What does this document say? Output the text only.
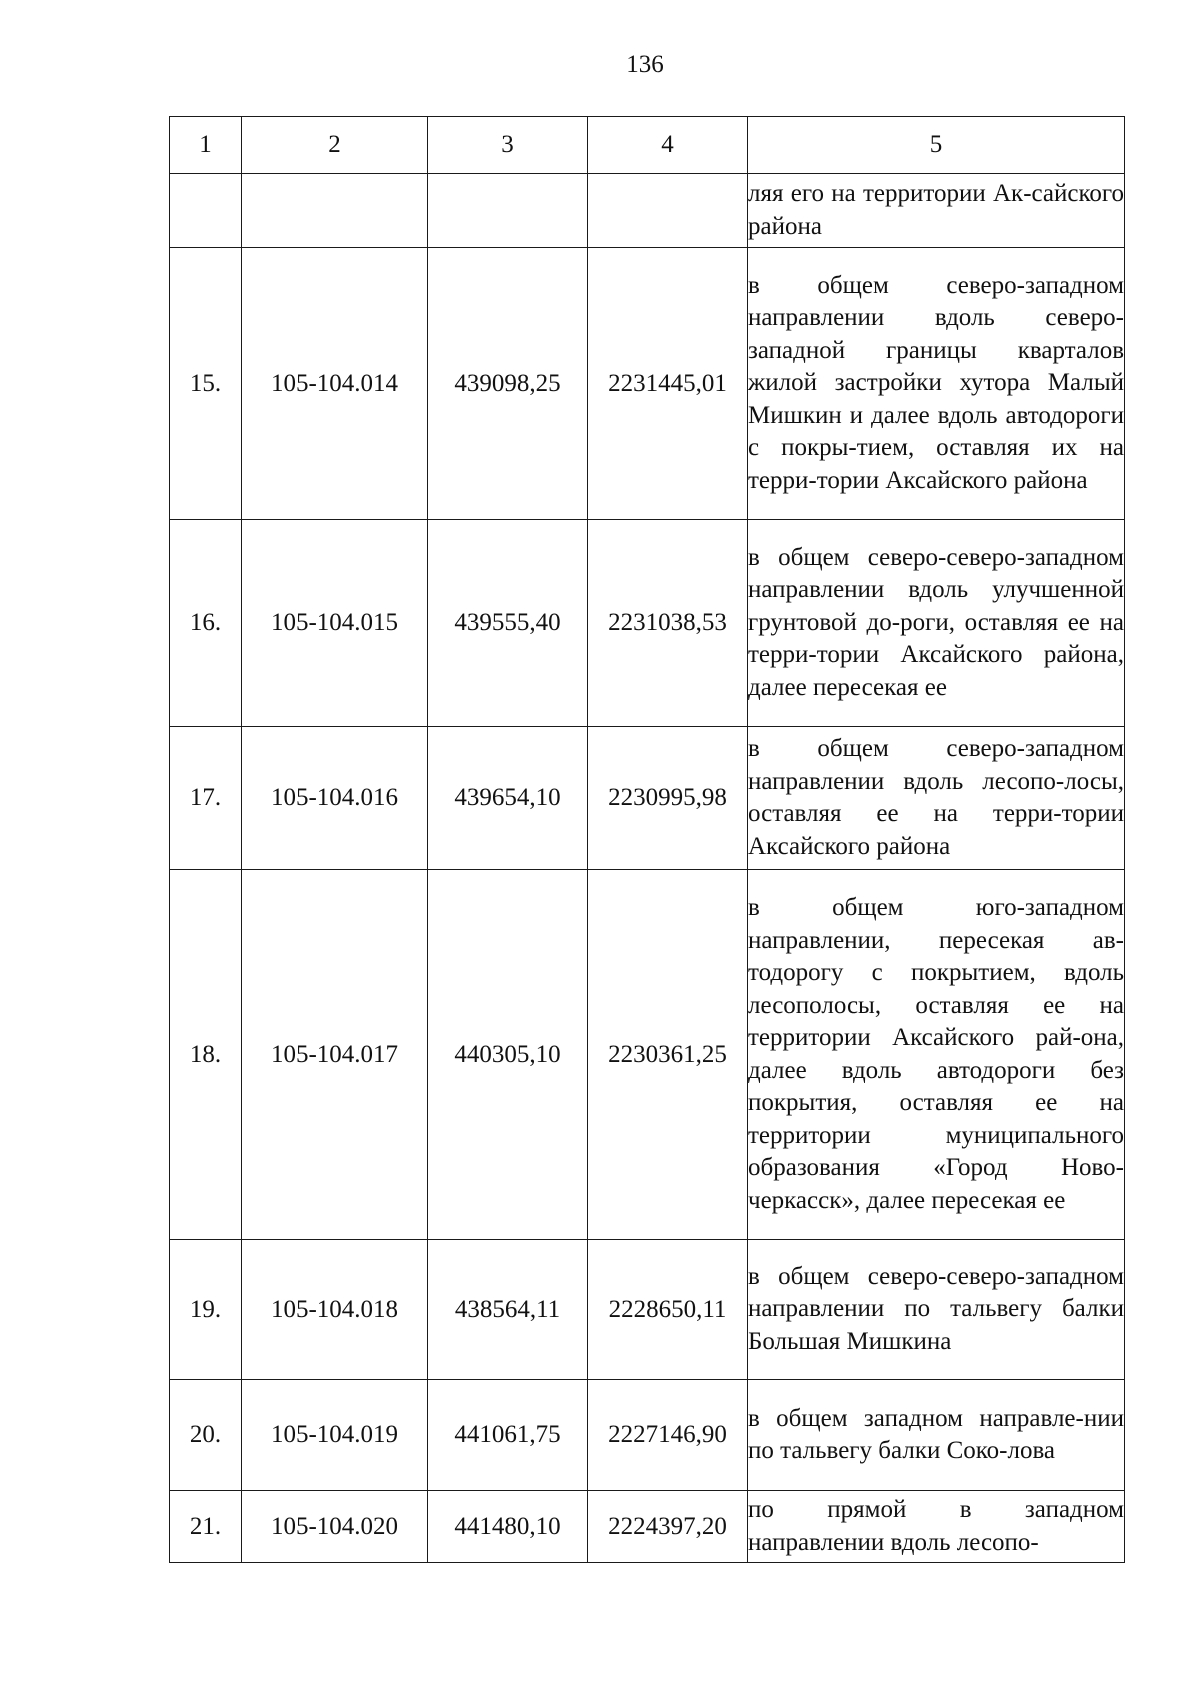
136
1	2	3	4	5
				ляя его на территории Ак-сайского района
15.	105-104.014	439098,25	2231445,01	в общем северо-западном направлении вдоль северо-западной границы кварталов жилой застройки хутора Малый Мишкин и далее вдоль автодороги с покры-тием, оставляя их на терри-тории Аксайского района
16.	105-104.015	439555,40	2231038,53	в общем северо-северо-западном направлении вдоль улучшенной грунтовой до-роги, оставляя ее на терри-тории Аксайского района, далее пересекая ее
17.	105-104.016	439654,10	2230995,98	в общем северо-западном направлении вдоль лесопо-лосы, оставляя ее на терри-тории Аксайского района
18.	105-104.017	440305,10	2230361,25	в общем юго-западном направлении, пересекая ав-тодорогу с покрытием, вдоль лесополосы, оставляя ее на территории Аксайского рай-она, далее вдоль автодороги без покрытия, оставляя ее на территории муниципального образования «Город Ново-черкасск», далее пересекая ее
19.	105-104.018	438564,11	2228650,11	в общем северо-северо-западном направлении по тальвегу балки Большая Мишкина
20.	105-104.019	441061,75	2227146,90	в общем западном направле-нии по тальвегу балки Соко-лова
21.	105-104.020	441480,10	2224397,20	по прямой в западном направлении вдоль лесопо-
